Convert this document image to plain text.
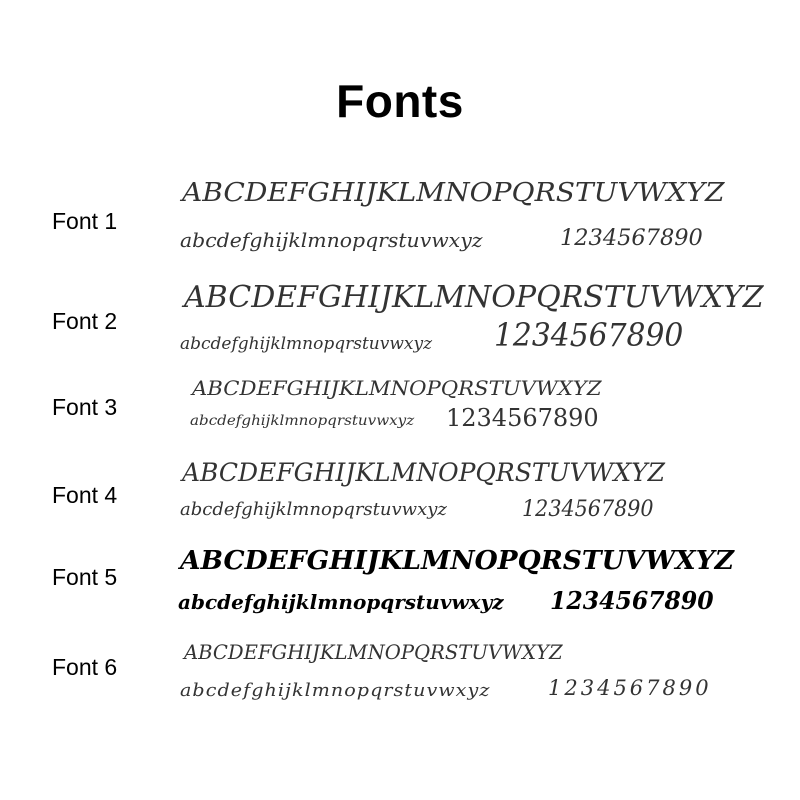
Fonts
Font 1
ABCDEFGHIJKLMNOPQRSTUVWXYZ
abcdefghijklmnopqrstuvwxyz	1234567890
Font 2
ABCDEFGHIJKLMNOPQRSTUVWXYZ
abcdefghijklmnopqrstuvwxyz 1234567890
Font 3
ABCDEFGHIJKLMNOPQRSTUVWXYZ
abcdefghijklmnopqrstuvwxyz 1234567890
Font 4
ABCDEFGHIJKLMNOPQRSTUVWXYZ
abcdefghijklmnopqrstuvwxyz	1234567890
Font 5
ABCDEFGHIJKLMNOPQRSTUVWXYZ
abcdefghijklmnopqrstuvwxyz 1234567890
Font 6
ABCDEFGHIJKLMNOPQRSTUVWXYZ
abcdefghijklmnopqrstuvwxyz	1234567890
